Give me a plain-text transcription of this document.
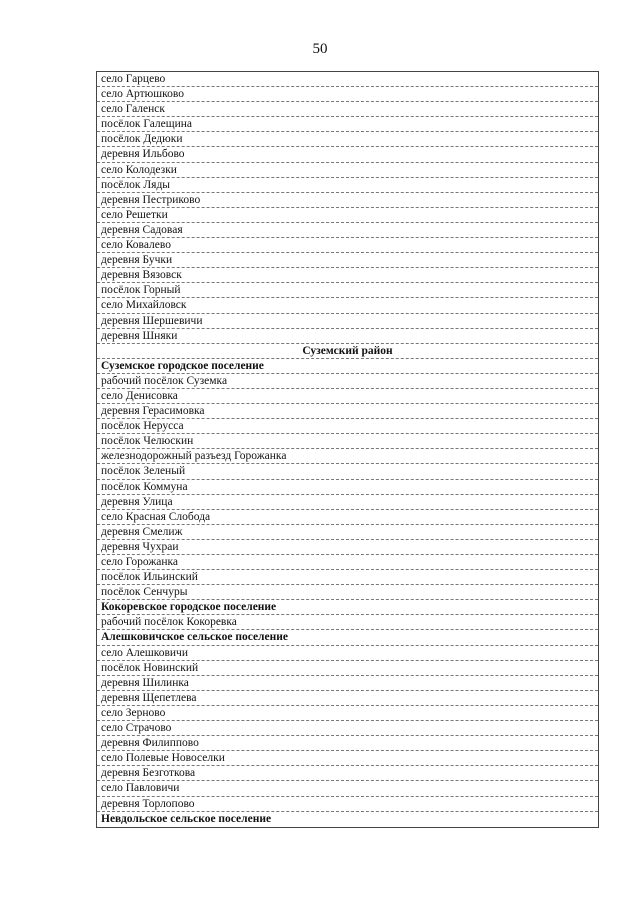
50
село Гарцево
село Артюшково
село Галенск
посёлок Галещина
посёлок Дедюки
деревня Ильбово
село Колодезки
посёлок Ляды
деревня Пестриково
село Решетки
деревня Садовая
село Ковалево
деревня Бучки
деревня Вязовск
посёлок Горный
село Михайловск
деревня Шершевичи
деревня Шняки
Суземский район
Суземское городское поселение
рабочий посёлок Суземка
село Денисовка
деревня Герасимовка
посёлок Нерусса
посёлок Челюскин
железнодорожный разъезд Горожанка
посёлок Зеленый
посёлок Коммуна
деревня Улица
село Красная Слобода
деревня Смелиж
деревня Чухраи
село Горожанка
посёлок Ильинский
посёлок Сенчуры
Кокоревское городское поселение
рабочий посёлок Кокоревка
Алешковичское сельское поселение
село Алешковичи
посёлок Новинский
деревня Шилинка
деревня Щепетлева
село Зерново
село Страчово
деревня Филиппово
село Полевые Новоселки
деревня Безготкова
село Павловичи
деревня Торлопово
Невдольское сельское поселение
